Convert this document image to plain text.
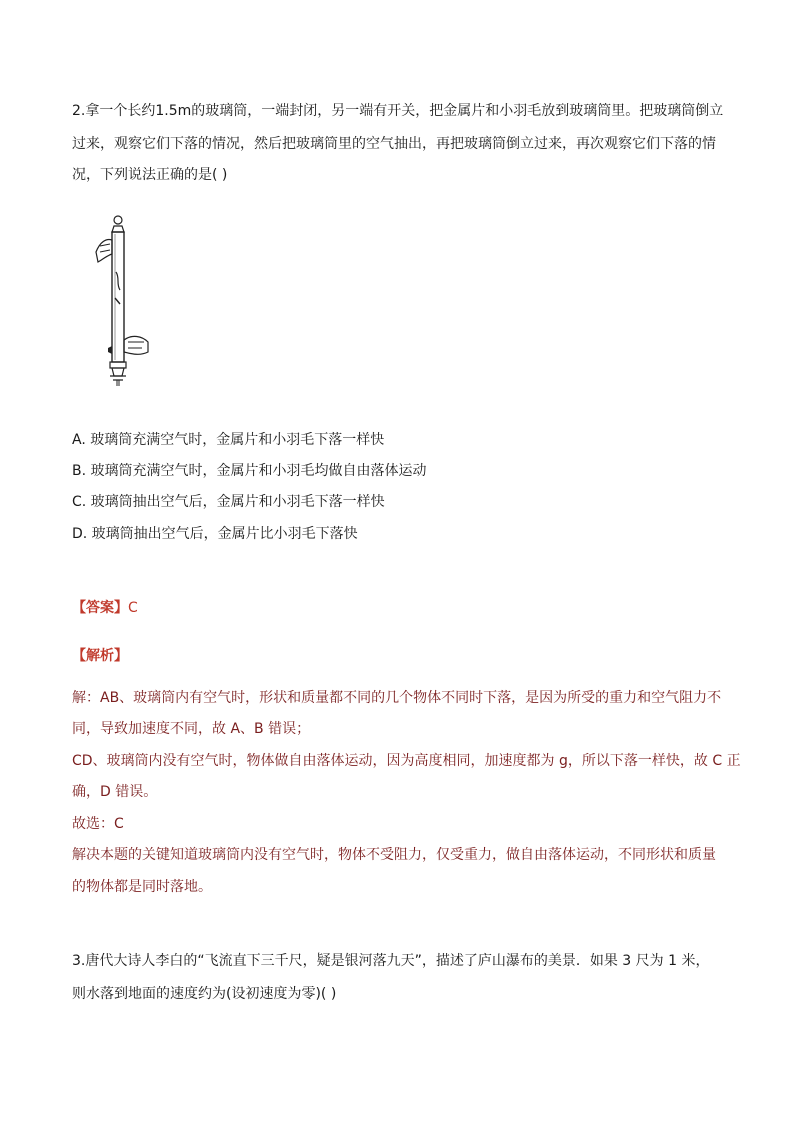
2.拿一个长约1.5m的玻璃筒，一端封闭，另一端有开关，把金属片和小羽毛放到玻璃筒里。把玻璃筒倒立
过来，观察它们下落的情况，然后把玻璃筒里的空气抽出，再把玻璃筒倒立过来，再次观察它们下落的情
况，下列说法正确的是( )
A. 玻璃筒充满空气时，金属片和小羽毛下落一样快
B. 玻璃筒充满空气时，金属片和小羽毛均做自由落体运动
C. 玻璃筒抽出空气后，金属片和小羽毛下落一样快
D. 玻璃筒抽出空气后，金属片比小羽毛下落快
【答案】C
【解析】
解：AB、玻璃筒内有空气时，形状和质量都不同的几个物体不同时下落，是因为所受的重力和空气阻力不
同，导致加速度不同，故 A、B 错误；
CD、玻璃筒内没有空气时，物体做自由落体运动，因为高度相同，加速度都为 g，所以下落一样快，故 C 正
确，D 错误。
故选：C
解决本题的关键知道玻璃筒内没有空气时，物体不受阻力，仅受重力，做自由落体运动，不同形状和质量
的物体都是同时落地。
3.唐代大诗人李白的“飞流直下三千尺，疑是银河落九天”，描述了庐山瀑布的美景．如果 3 尺为 1 米，
则水落到地面的速度约为(设初速度为零)( )
